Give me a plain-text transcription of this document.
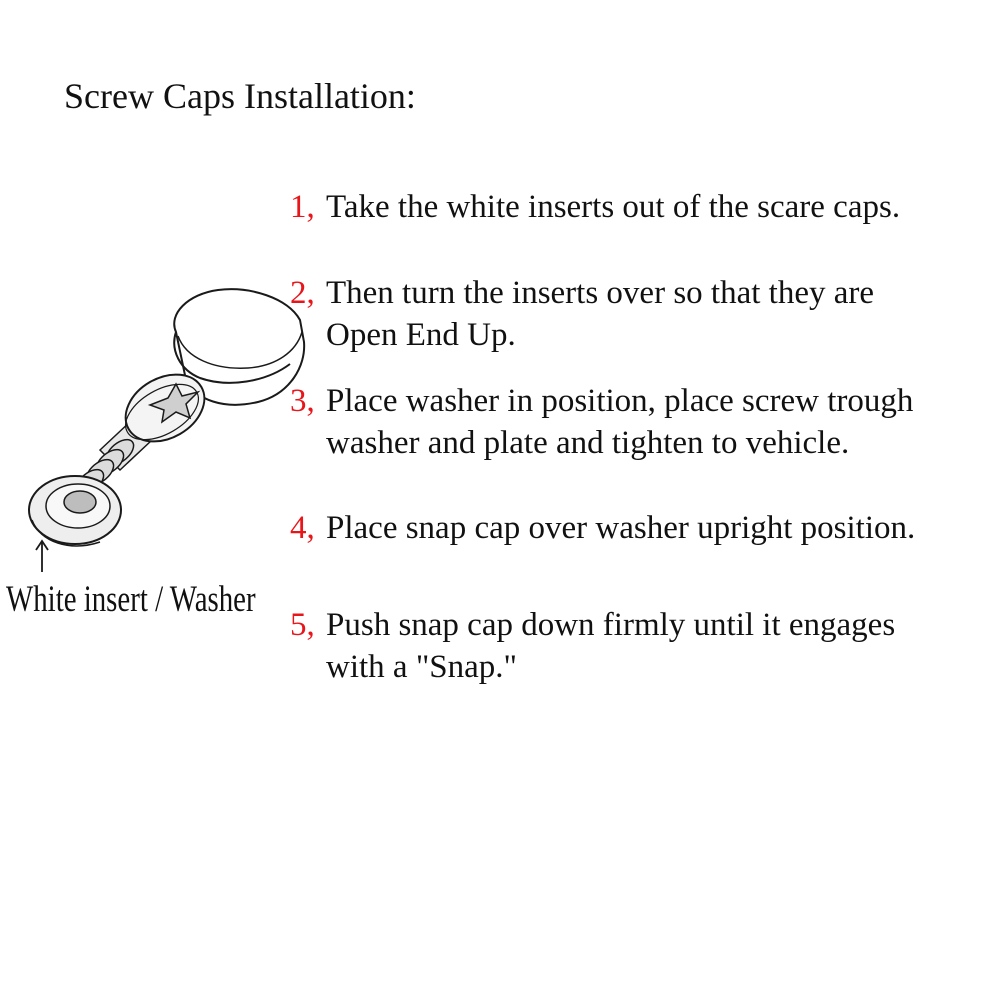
Screw Caps Installation:
White insert / Washer
1, Take the white inserts out of the scare caps.
2, Then turn the inserts over so that they are
Open End Up.
3, Place washer in position, place screw trough
washer and plate and tighten to vehicle.
4, Place snap cap over washer upright position.
5, Push snap cap down firmly until it engages
with a "Snap."
